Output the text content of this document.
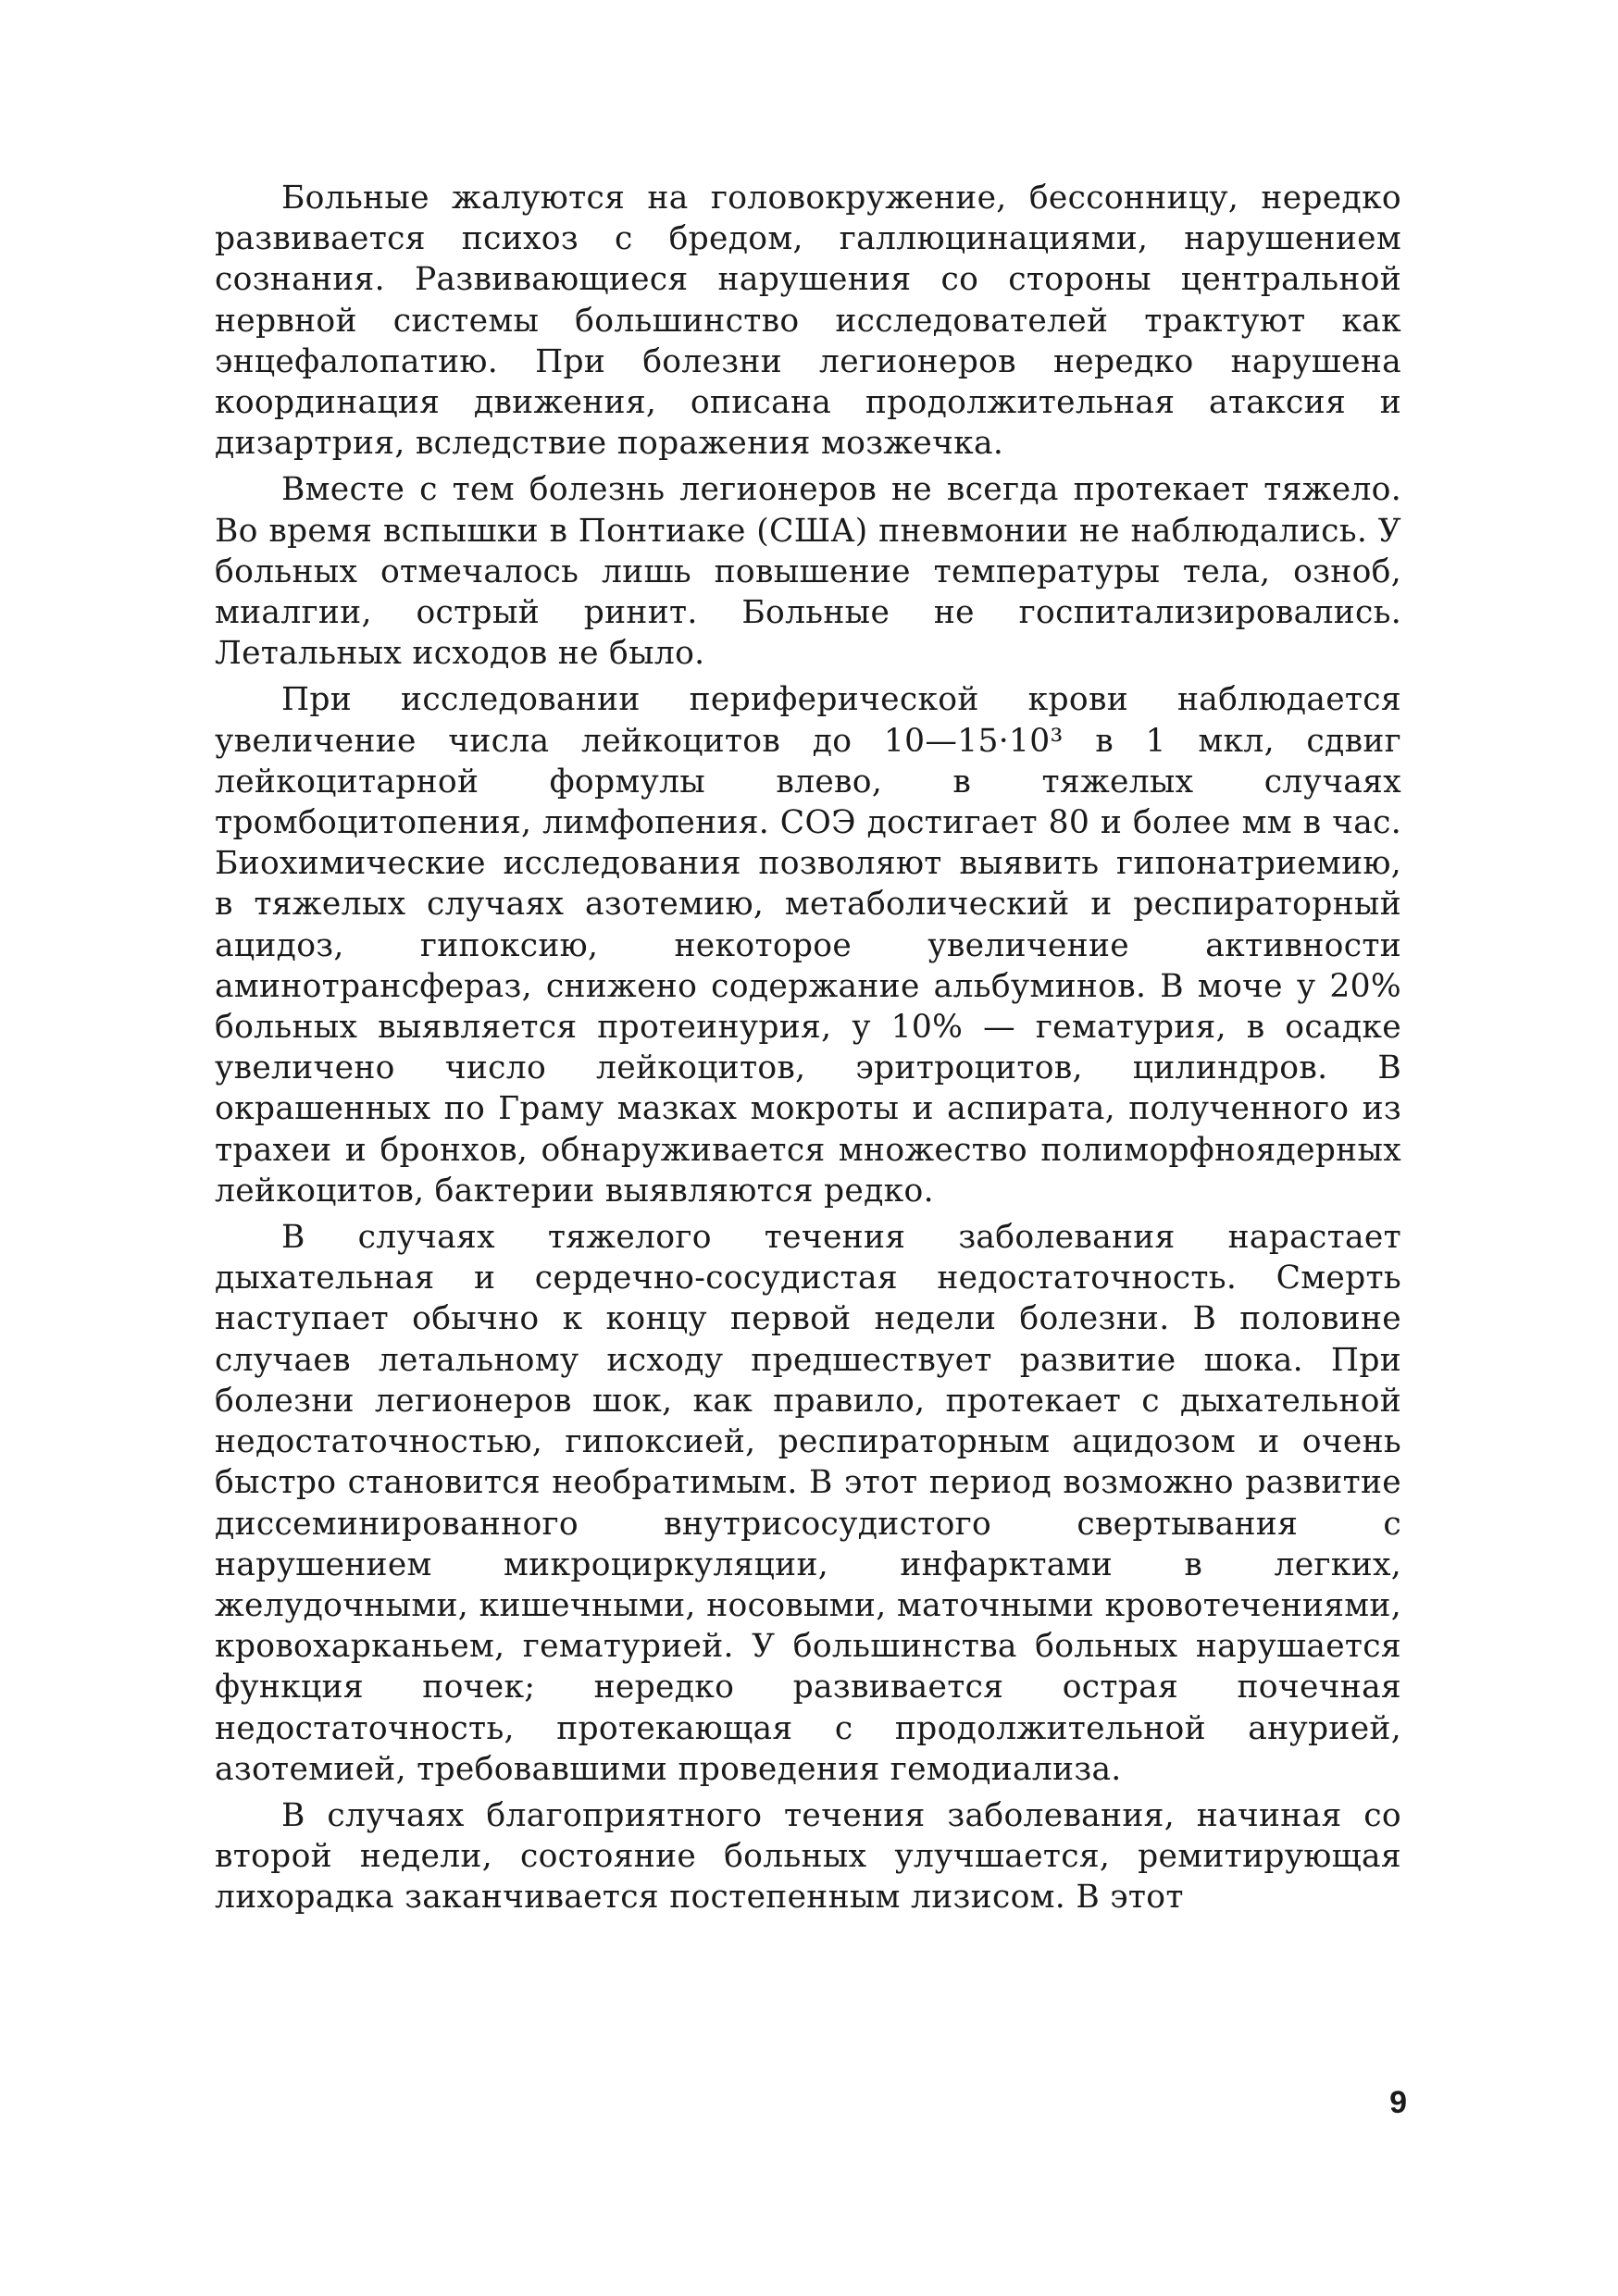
Больные жалуются на головокружение, бессонницу, нередко развивается психоз с бредом, галлюцинациями, нарушением сознания. Развивающиеся нарушения со стороны центральной нервной системы большинство исследователей трактуют как энцефалопатию. При болезни легионеров нередко нарушена координация движения, описана продолжительная атаксия и дизартрия, вследствие поражения мозжечка.

Вместе с тем болезнь легионеров не всегда протекает тяжело. Во время вспышки в Понтиаке (США) пневмонии не наблюдались. У больных отмечалось лишь повышение температуры тела, озноб, миалгии, острый ринит. Больные не госпитализировались. Летальных исходов не было.

При исследовании периферической крови наблюдается увеличение числа лейкоцитов до 10—15·10³ в 1 мкл, сдвиг лейкоцитарной формулы влево, в тяжелых случаях тромбоцитопения, лимфопения. СОЭ достигает 80 и более мм в час. Биохимические исследования позволяют выявить гипонатриемию, в тяжелых случаях азотемию, метаболический и респираторный ацидоз, гипоксию, некоторое увеличение активности аминотрансфераз, снижено содержание альбуминов. В моче у 20% больных выявляется протеинурия, у 10% — гематурия, в осадке увеличено число лейкоцитов, эритроцитов, цилиндров. В окрашенных по Граму мазках мокроты и аспирата, полученного из трахеи и бронхов, обнаруживается множество полиморфноядерных лейкоцитов, бактерии выявляются редко.

В случаях тяжелого течения заболевания нарастает дыхательная и сердечно-сосудистая недостаточность. Смерть наступает обычно к концу первой недели болезни. В половине случаев летальному исходу предшествует развитие шока. При болезни легионеров шок, как правило, протекает с дыхательной недостаточностью, гипоксией, респираторным ацидозом и очень быстро становится необратимым. В этот период возможно развитие диссеминированного внутрисосудистого свертывания с нарушением микроциркуляции, инфарктами в легких, желудочными, кишечными, носовыми, маточными кровотечениями, кровохарканьем, гематурией. У большинства больных нарушается функция почек; нередко развивается острая почечная недостаточность, протекающая с продолжительной анурией, азотемией, требовавшими проведения гемодиализа.

В случаях благоприятного течения заболевания, начиная со второй недели, состояние больных улучшается, ремитирующая лихорадка заканчивается постепенным лизисом. В этот

9
